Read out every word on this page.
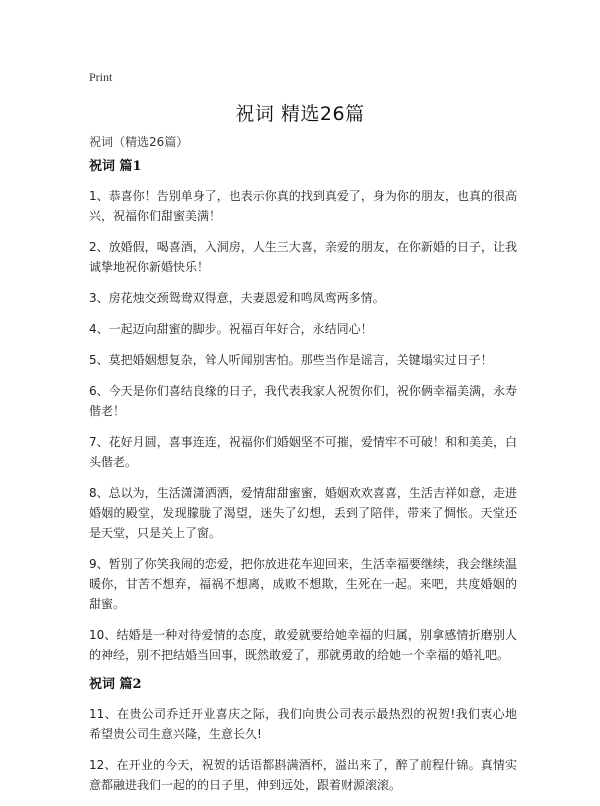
Print
祝词 精选26篇
祝词（精选26篇）
祝词 篇1

1、恭喜你！告别单身了，也表示你真的找到真爱了，身为你的朋友，也真的很高兴，祝福你们甜蜜美满！

2、放婚假，喝喜酒，入洞房，人生三大喜，亲爱的朋友，在你新婚的日子，让我诚挚地祝你新婚快乐！

3、房花烛交颈鸳鸯双得意，夫妻恩爱和鸣凤鸾两多情。

4、一起迈向甜蜜的脚步。祝福百年好合，永结同心！

5、莫把婚姻想复杂，耸人听闻别害怕。那些当作是谣言，关键塌实过日子！

6、今天是你们喜结良缘的日子，我代表我家人祝贺你们，祝你俩幸福美满，永寿偕老！

7、花好月圆，喜事连连，祝福你们婚姻坚不可摧，爱情牢不可破！和和美美，白头偕老。

8、总以为，生活潇潇洒洒，爱情甜甜蜜蜜，婚姻欢欢喜喜，生活吉祥如意，走进婚姻的殿堂，发现朦胧了渴望，迷失了幻想，丢到了陪伴，带来了惆怅。天堂还是天堂，只是关上了窗。

9、暂别了你笑我闹的恋爱，把你放进花车迎回来，生活幸福要继续，我会继续温暖你，甘苦不想弃，福祸不想离，成败不想欺，生死在一起。来吧，共度婚姻的甜蜜。

10、结婚是一种对待爱情的态度，敢爱就要给她幸福的归属，别拿感情折磨别人的神经，别不把结婚当回事，既然敢爱了，那就勇敢的给她一个幸福的婚礼吧。

祝词 篇2

11、在贵公司乔迁开业喜庆之际，我们向贵公司表示最热烈的祝贺!我们衷心地希望贵公司生意兴隆，生意长久!

12、在开业的今天，祝贺的话语都斟满酒杯，溢出来了，醉了前程什锦。真情实意都融进我们一起的的日子里，伸到远处，跟着财源滚滚。
